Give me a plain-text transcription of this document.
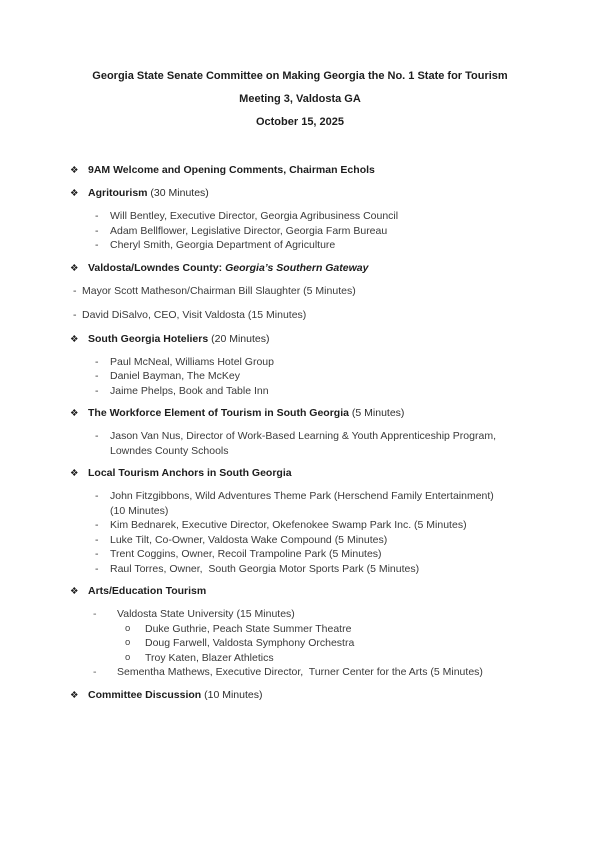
Georgia State Senate Committee on Making Georgia the No. 1 State for Tourism
Meeting 3, Valdosta GA
October 15, 2025
❖ 9AM Welcome and Opening Comments, Chairman Echols
❖ Agritourism (30 Minutes)
-	Will Bentley, Executive Director, Georgia Agribusiness Council
-	Adam Bellflower, Legislative Director, Georgia Farm Bureau
-	Cheryl Smith, Georgia Department of Agriculture
❖ Valdosta/Lowndes County: Georgia’s Southern Gateway
- Mayor Scott Matheson/Chairman Bill Slaughter (5 Minutes)
- David DiSalvo, CEO, Visit Valdosta (15 Minutes)
❖ South Georgia Hoteliers (20 Minutes)
-	Paul McNeal, Williams Hotel Group
-	Daniel Bayman, The McKey
-	Jaime Phelps, Book and Table Inn
❖ The Workforce Element of Tourism in South Georgia (5 Minutes)
-	Jason Van Nus, Director of Work-Based Learning & Youth Apprenticeship Program,
Lowndes County Schools
❖ Local Tourism Anchors in South Georgia
-	John Fitzgibbons, Wild Adventures Theme Park (Herschend Family Entertainment)
(10 Minutes)
-	Kim Bednarek, Executive Director, Okefenokee Swamp Park Inc. (5 Minutes)
-	Luke Tilt, Co-Owner, Valdosta Wake Compound (5 Minutes)
-	Trent Coggins, Owner, Recoil Trampoline Park (5 Minutes)
-	Raul Torres, Owner,  South Georgia Motor Sports Park (5 Minutes)
❖ Arts/Education Tourism
-	Valdosta State University (15 Minutes)
o	Duke Guthrie, Peach State Summer Theatre
o	Doug Farwell, Valdosta Symphony Orchestra
o	Troy Katen, Blazer Athletics
-	Sementha Mathews, Executive Director,  Turner Center for the Arts (5 Minutes)
❖ Committee Discussion (10 Minutes)
